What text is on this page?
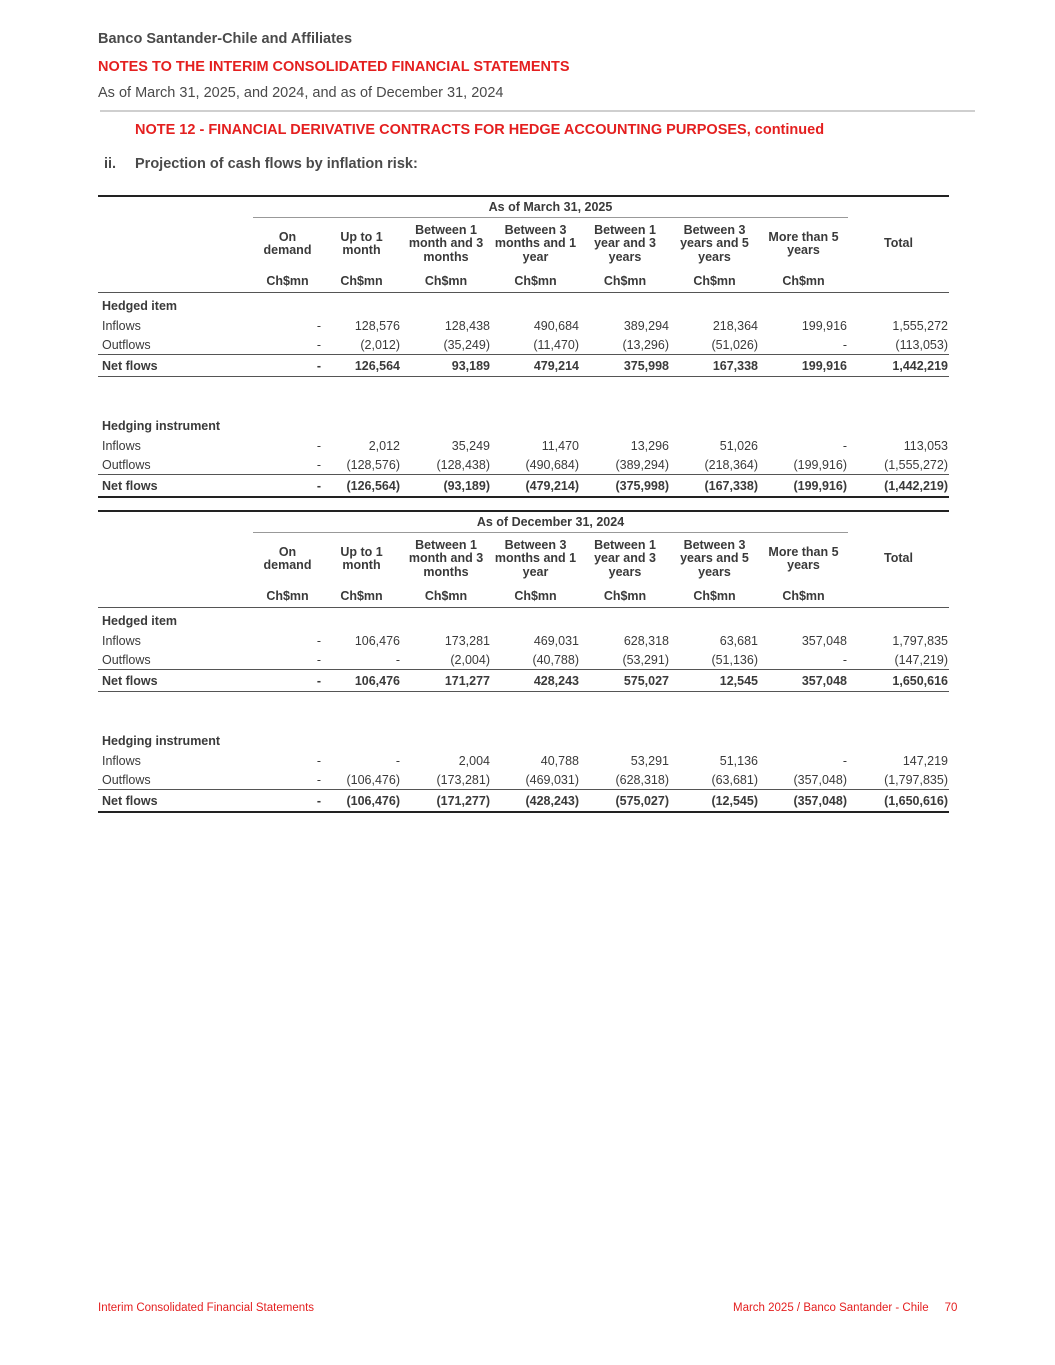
Banco Santander-Chile and Affiliates
NOTES TO THE INTERIM CONSOLIDATED FINANCIAL STATEMENTS
As of March 31, 2025, and 2024, and as of December 31, 2024
NOTE 12 - FINANCIAL DERIVATIVE CONTRACTS FOR HEDGE ACCOUNTING PURPOSES, continued
ii. Projection of cash flows by inflation risk:

	As of March 31, 2025							
	On demand	Up to 1 month	Between 1 month and 3 months	Between 3 months and 1 year	Between 1 year and 3 years	Between 3 years and 5 years	More than 5 years	Total
	Ch$mn	Ch$mn	Ch$mn	Ch$mn	Ch$mn	Ch$mn	Ch$mn	
Hedged item								
Inflows	-	128,576	128,438	490,684	389,294	218,364	199,916	1,555,272
Outflows	-	(2,012)	(35,249)	(11,470)	(13,296)	(51,026)	-	(113,053)
Net flows	-	126,564	93,189	479,214	375,998	167,338	199,916	1,442,219

Hedging instrument								
Inflows	-	2,012	35,249	11,470	13,296	51,026	-	113,053
Outflows	-	(128,576)	(128,438)	(490,684)	(389,294)	(218,364)	(199,916)	(1,555,272)
Net flows	-	(126,564)	(93,189)	(479,214)	(375,998)	(167,338)	(199,916)	(1,442,219)

	As of December 31, 2024							
	On demand	Up to 1 month	Between 1 month and 3 months	Between 3 months and 1 year	Between 1 year and 3 years	Between 3 years and 5 years	More than 5 years	Total
	Ch$mn	Ch$mn	Ch$mn	Ch$mn	Ch$mn	Ch$mn	Ch$mn	
Hedged item								
Inflows	-	106,476	173,281	469,031	628,318	63,681	357,048	1,797,835
Outflows	-	-	(2,004)	(40,788)	(53,291)	(51,136)	-	(147,219)
Net flows	-	106,476	171,277	428,243	575,027	12,545	357,048	1,650,616

Hedging instrument								
Inflows	-	-	2,004	40,788	53,291	51,136	-	147,219
Outflows	-	(106,476)	(173,281)	(469,031)	(628,318)	(63,681)	(357,048)	(1,797,835)
Net flows	-	(106,476)	(171,277)	(428,243)	(575,027)	(12,545)	(357,048)	(1,650,616)
Interim Consolidated Financial Statements	March 2025 / Banco Santander - Chile 70
